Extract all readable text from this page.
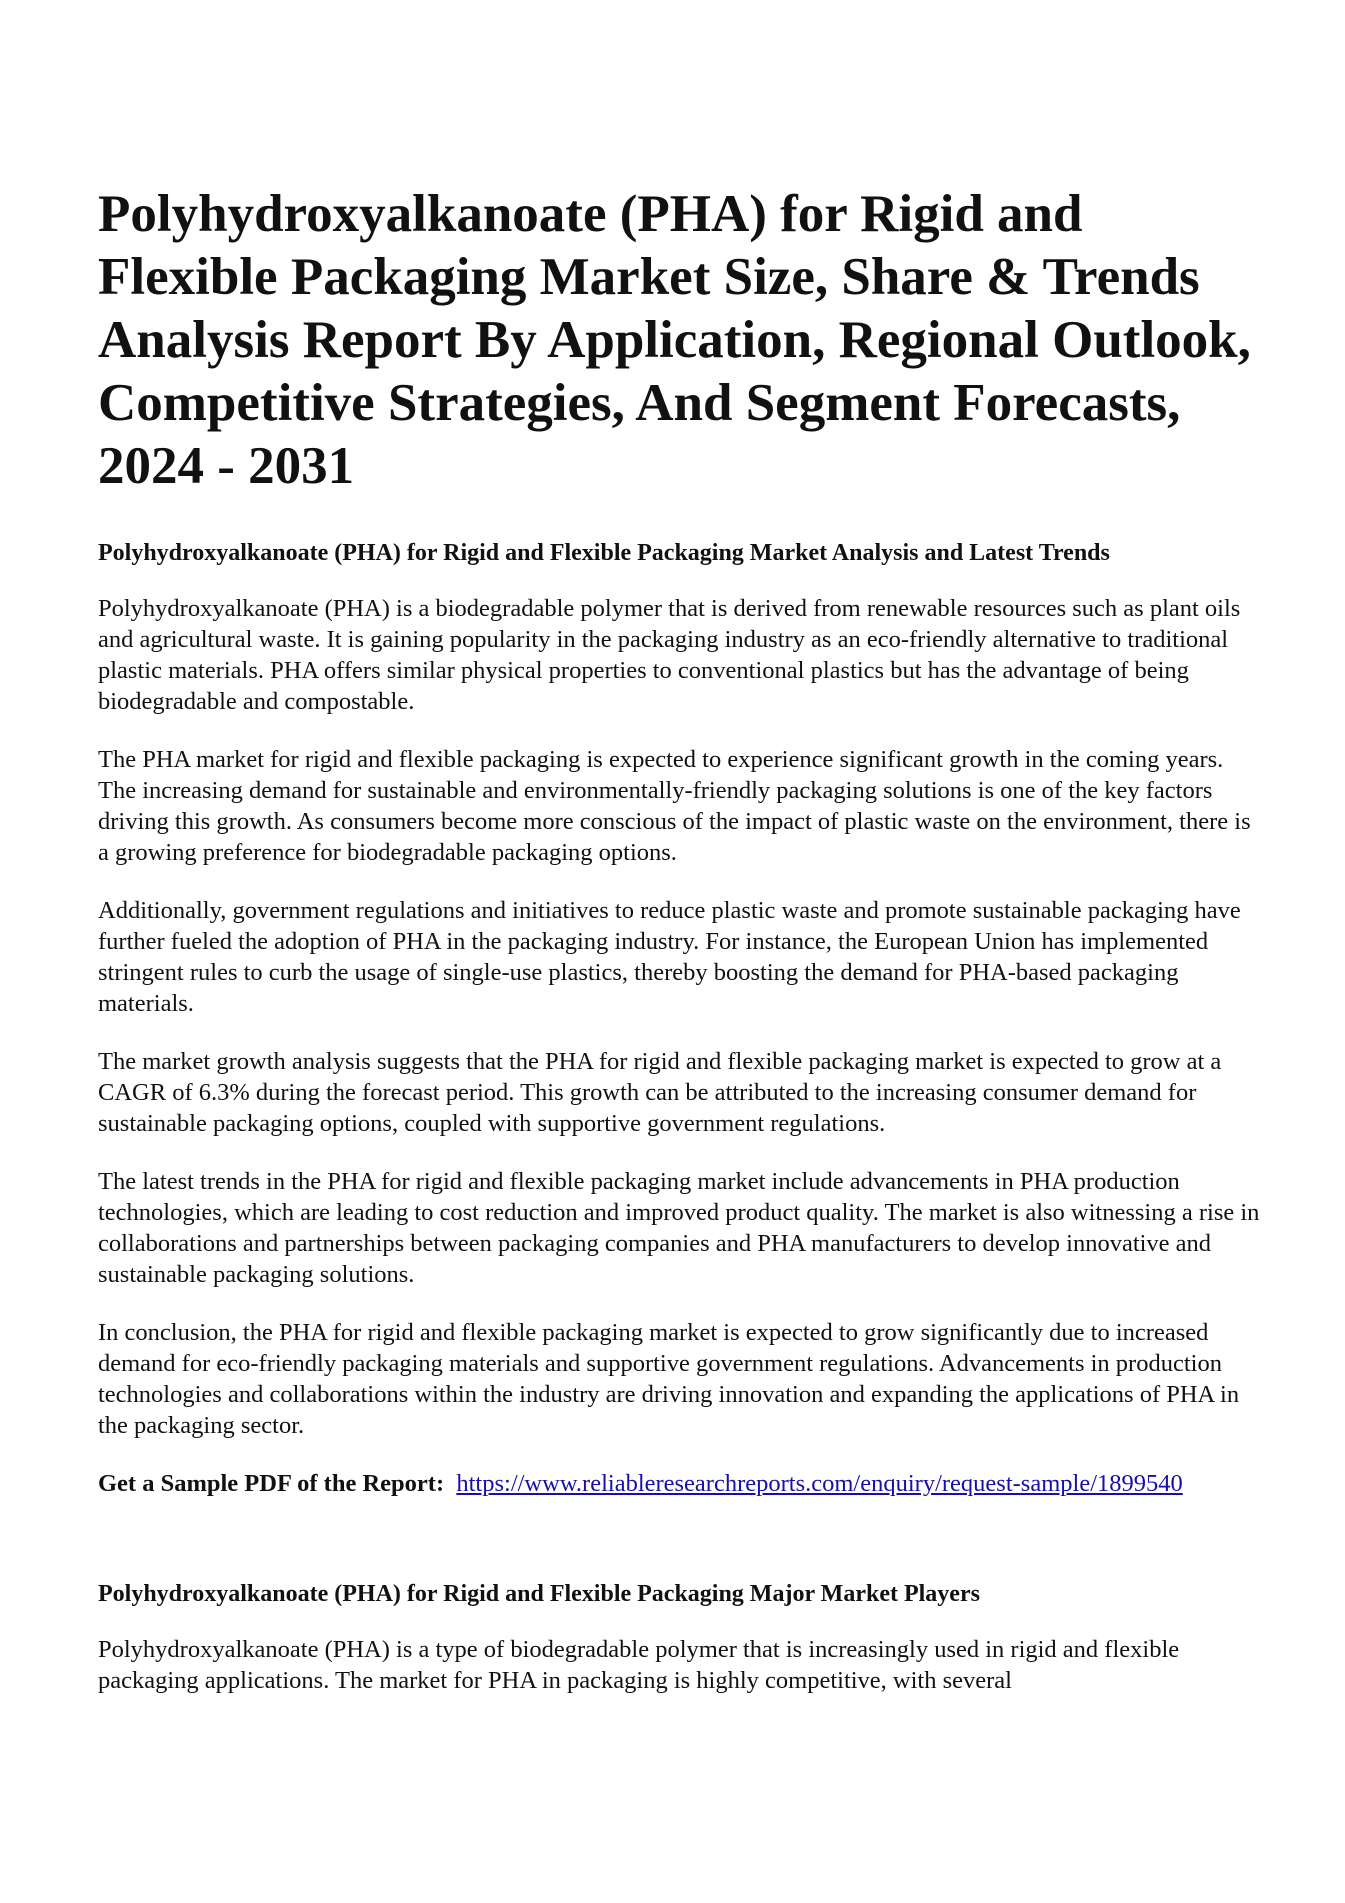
Polyhydroxyalkanoate (PHA) for Rigid and Flexible Packaging Market Size, Share & Trends Analysis Report By Application, Regional Outlook, Competitive Strategies, And Segment Forecasts, 2024 - 2031
Polyhydroxyalkanoate (PHA) for Rigid and Flexible Packaging Market Analysis and Latest Trends

Polyhydroxyalkanoate (PHA) is a biodegradable polymer that is derived from renewable resources such as plant oils and agricultural waste. It is gaining popularity in the packaging industry as an eco-friendly alternative to traditional plastic materials. PHA offers similar physical properties to conventional plastics but has the advantage of being biodegradable and compostable.

The PHA market for rigid and flexible packaging is expected to experience significant growth in the coming years. The increasing demand for sustainable and environmentally-friendly packaging solutions is one of the key factors driving this growth. As consumers become more conscious of the impact of plastic waste on the environment, there is a growing preference for biodegradable packaging options.

Additionally, government regulations and initiatives to reduce plastic waste and promote sustainable packaging have further fueled the adoption of PHA in the packaging industry. For instance, the European Union has implemented stringent rules to curb the usage of single-use plastics, thereby boosting the demand for PHA-based packaging materials.

The market growth analysis suggests that the PHA for rigid and flexible packaging market is expected to grow at a CAGR of 6.3% during the forecast period. This growth can be attributed to the increasing consumer demand for sustainable packaging options, coupled with supportive government regulations.

The latest trends in the PHA for rigid and flexible packaging market include advancements in PHA production technologies, which are leading to cost reduction and improved product quality. The market is also witnessing a rise in collaborations and partnerships between packaging companies and PHA manufacturers to develop innovative and sustainable packaging solutions.

In conclusion, the PHA for rigid and flexible packaging market is expected to grow significantly due to increased demand for eco-friendly packaging materials and supportive government regulations. Advancements in production technologies and collaborations within the industry are driving innovation and expanding the applications of PHA in the packaging sector.

Get a Sample PDF of the Report: https://www.reliableresearchreports.com/enquiry/request-sample/1899540

Polyhydroxyalkanoate (PHA) for Rigid and Flexible Packaging Major Market Players

Polyhydroxyalkanoate (PHA) is a type of biodegradable polymer that is increasingly used in rigid and flexible packaging applications. The market for PHA in packaging is highly competitive, with several
